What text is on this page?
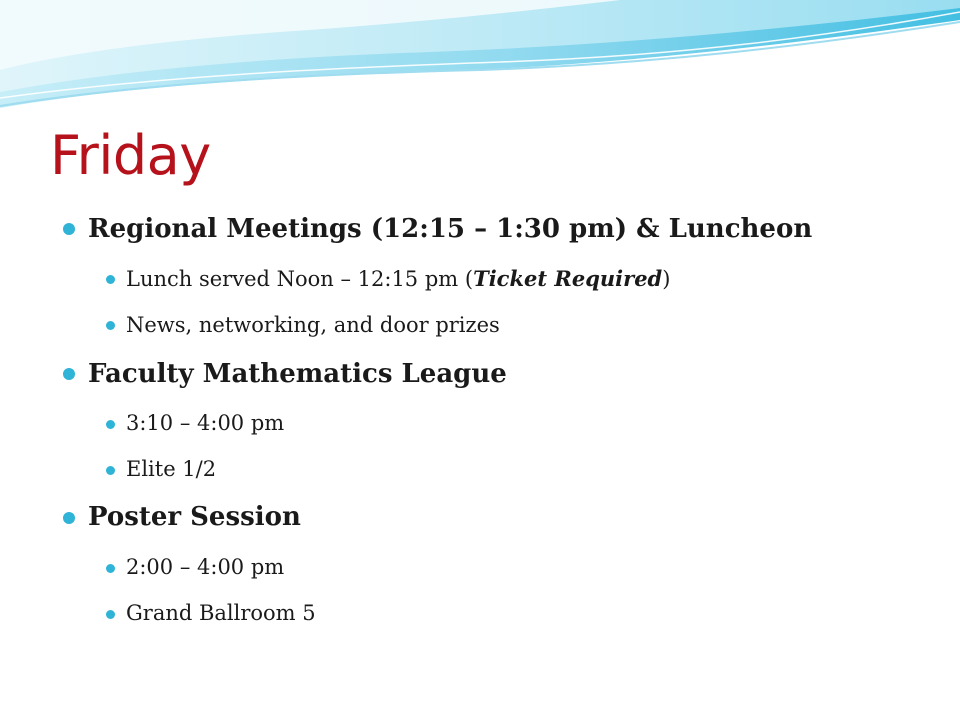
Friday
Regional Meetings (12:15 – 1:30 pm) & Luncheon
Lunch served Noon – 12:15 pm (Ticket Required)
News, networking, and door prizes
Faculty Mathematics League
3:10 – 4:00 pm
Elite 1/2
Poster Session
2:00 – 4:00 pm
Grand Ballroom 5
